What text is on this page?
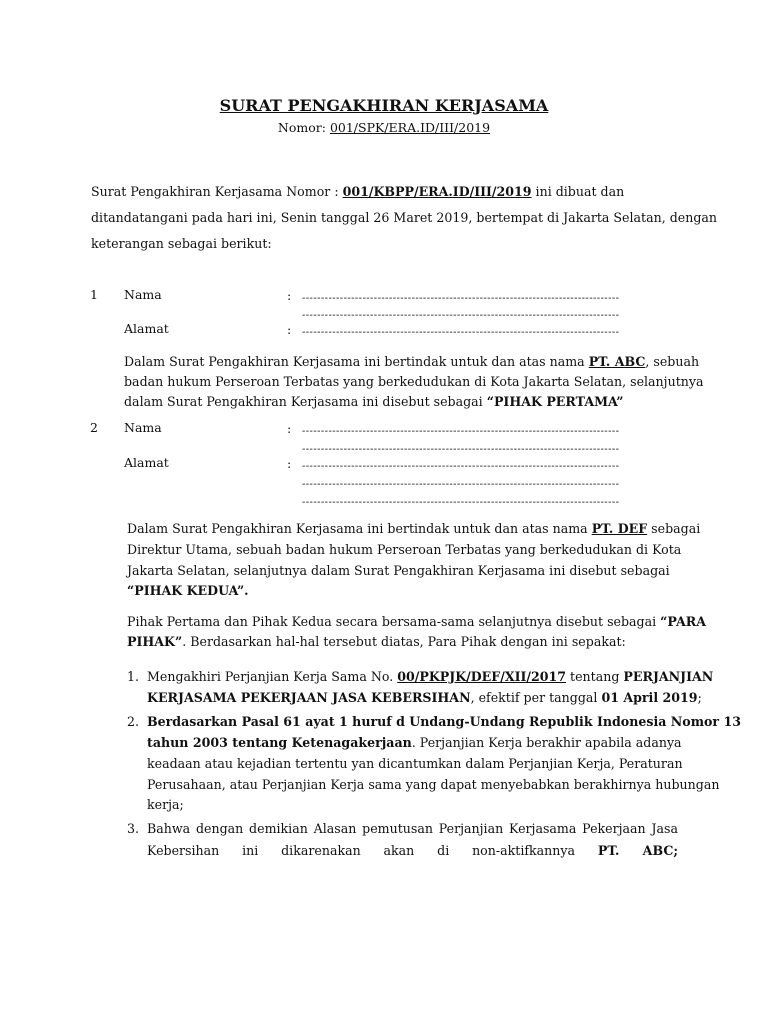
SURAT PENGAKHIRAN KERJASAMA
Nomor: 001/SPK/ERA.ID/III/2019
Surat Pengakhiran Kerjasama Nomor : 001/KBPP/ERA.ID/III/2019 ini dibuat dan
ditandatangani pada hari ini, Senin tanggal 26 Maret 2019, bertempat di Jakarta Selatan, dengan
keterangan sebagai berikut:
1 Nama	: ------------------------------------------------------------------------------------
------------------------------------------------------------------------------------
Alamat	: ------------------------------------------------------------------------------------
Dalam Surat Pengakhiran Kerjasama ini bertindak untuk dan atas nama PT. ABC, sebuah
badan hukum Perseroan Terbatas yang berkedudukan di Kota Jakarta Selatan, selanjutnya
dalam Surat Pengakhiran Kerjasama ini disebut sebagai “PIHAK PERTAMA”
2 Nama	: ------------------------------------------------------------------------------------
------------------------------------------------------------------------------------
Alamat	: ------------------------------------------------------------------------------------
------------------------------------------------------------------------------------
------------------------------------------------------------------------------------
Dalam Surat Pengakhiran Kerjasama ini bertindak untuk dan atas nama PT. DEF sebagai
Direktur Utama, sebuah badan hukum Perseroan Terbatas yang berkedudukan di Kota
Jakarta Selatan, selanjutnya dalam Surat Pengakhiran Kerjasama ini disebut sebagai
“PIHAK KEDUA”.
Pihak Pertama dan Pihak Kedua secara bersama-sama selanjutnya disebut sebagai “PARA
PIHAK”. Berdasarkan hal-hal tersebut diatas, Para Pihak dengan ini sepakat:
1. Mengakhiri Perjanjian Kerja Sama No. 00/PKPJK/DEF/XII/2017 tentang PERJANJIAN
KERJASAMA PEKERJAAN JASA KEBERSIHAN, efektif per tanggal 01 April 2019;
2. Berdasarkan Pasal 61 ayat 1 huruf d Undang-Undang Republik Indonesia Nomor 13
tahun 2003 tentang Ketenagakerjaan. Perjanjian Kerja berakhir apabila adanya
keadaan atau kejadian tertentu yan dicantumkan dalam Perjanjian Kerja, Peraturan
Perusahaan, atau Perjanjian Kerja sama yang dapat menyebabkan berakhirnya hubungan
kerja;
3. Bahwa dengan demikian Alasan pemutusan Perjanjian Kerjasama Pekerjaan Jasa
Kebersihan ini dikarenakan akan di non-aktifkannya PT. ABC;
